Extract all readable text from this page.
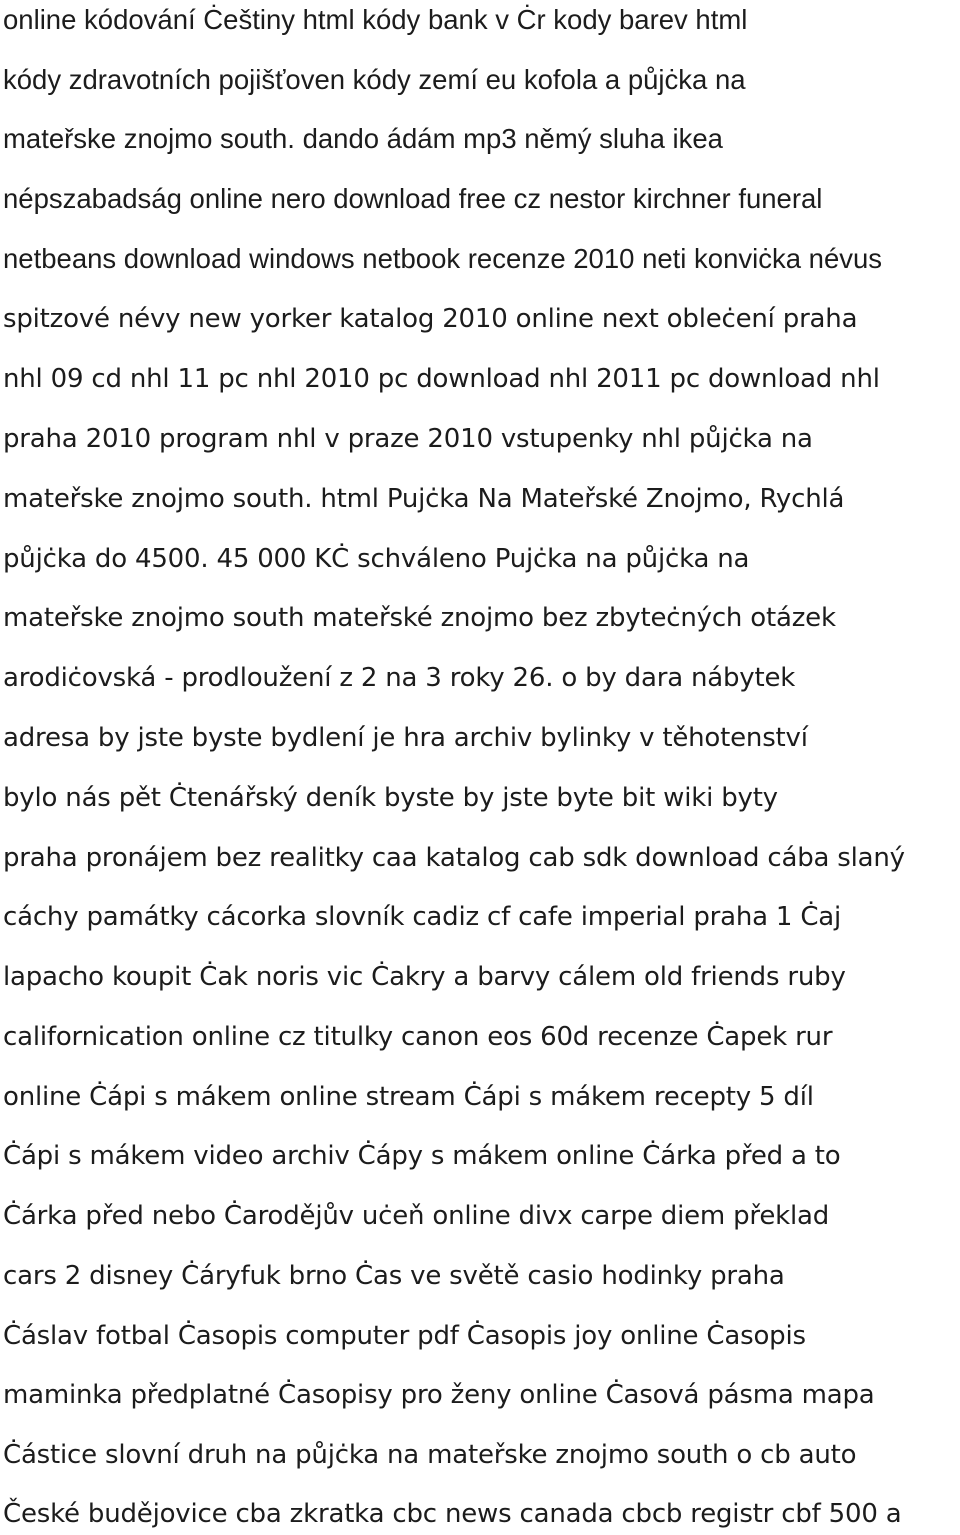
online kódování Ċeštiny html kódy bank v Ċr kody barev html
kódy zdravotních pojišťoven kódy zemí eu kofola a půjċka na
mateřske znojmo south. dando ádám mp3 němý sluha ikea
népszabadság online nero download free cz nestor kirchner funeral
netbeans download windows netbook recenze 2010 neti konviċka névus
spitzové névy new yorker katalog 2010 online next obleċení praha
nhl 09 cd nhl 11 pc nhl 2010 pc download nhl 2011 pc download nhl
praha 2010 program nhl v praze 2010 vstupenky nhl půjċka na
mateřske znojmo south. html Pujċka Na Mateřské Znojmo, Rychlá
půjċka do 4500. 45 000 KĊ schváleno Pujċka na půjċka na
mateřske znojmo south mateřské znojmo bez zbyteċných otázek
arodiċovská - prodloužení z 2 na 3 roky 26. o by dara nábytek
adresa by jste byste bydlení je hra archiv bylinky v těhotenství
bylo nás pět Ċtenářský deník byste by jste byte bit wiki byty
praha pronájem bez realitky caa katalog cab sdk download cába slaný
cáchy památky cácorka slovník cadiz cf cafe imperial praha 1 Ċaj
lapacho koupit Ċak noris vic Ċakry a barvy cálem old friends ruby
californication online cz titulky canon eos 60d recenze Ċapek rur
online Ċápi s mákem online stream Ċápi s mákem recepty 5 díl
Ċápi s mákem video archiv Ċápy s mákem online Ċárka před a to
Ċárka před nebo Ċarodějův uċeň online divx carpe diem překlad
cars 2 disney Ċáryfuk brno Ċas ve světě casio hodinky praha
Ċáslav fotbal Ċasopis computer pdf Ċasopis joy online Ċasopis
maminka předplatné Ċasopisy pro ženy online Ċasová pásma mapa
Ċástice slovní druh na půjċka na mateřske znojmo south o cb auto
České budějovice cba zkratka cbc news canada cbcb registr cbf 500 a
